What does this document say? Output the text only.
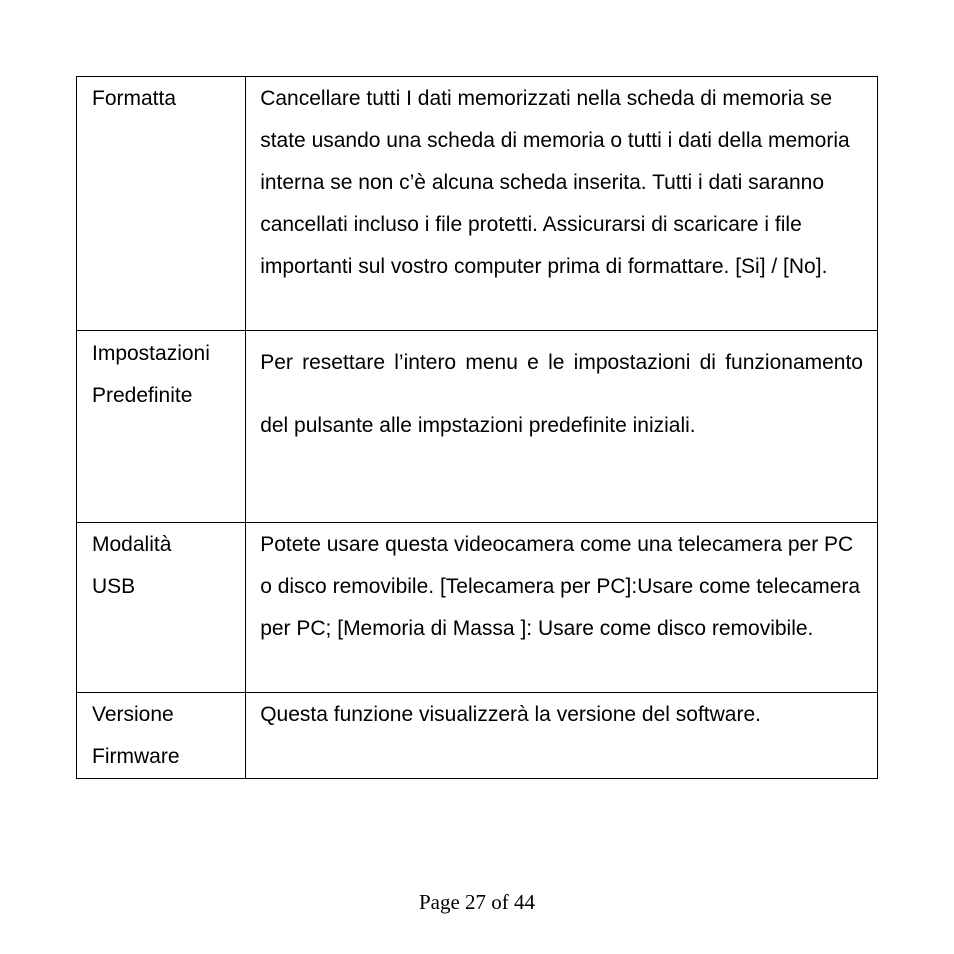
Formatta	Cancellare tutti I dati memorizzati nella scheda di memoria se state usando una scheda di memoria o tutti i dati della memoria interna se non c’è alcuna scheda inserita. Tutti i dati saranno cancellati incluso i file protetti. Assicurarsi di scaricare i file importanti sul vostro computer prima di formattare. [Si] / [No].

Impostazioni
Predefinite	Per resettare l’intero menu e le impostazioni di funzionamento del pulsante alle impstazioni predefinite iniziali.

Modalità
USB	Potete usare questa videocamera come una telecamera per PC o disco removibile. [Telecamera per PC]:Usare come telecamera per PC; [Memoria di Massa ]: Usare come disco removibile.

Versione
Firmware	Questa funzione visualizzerà la versione del software.
Page 27 of 44
